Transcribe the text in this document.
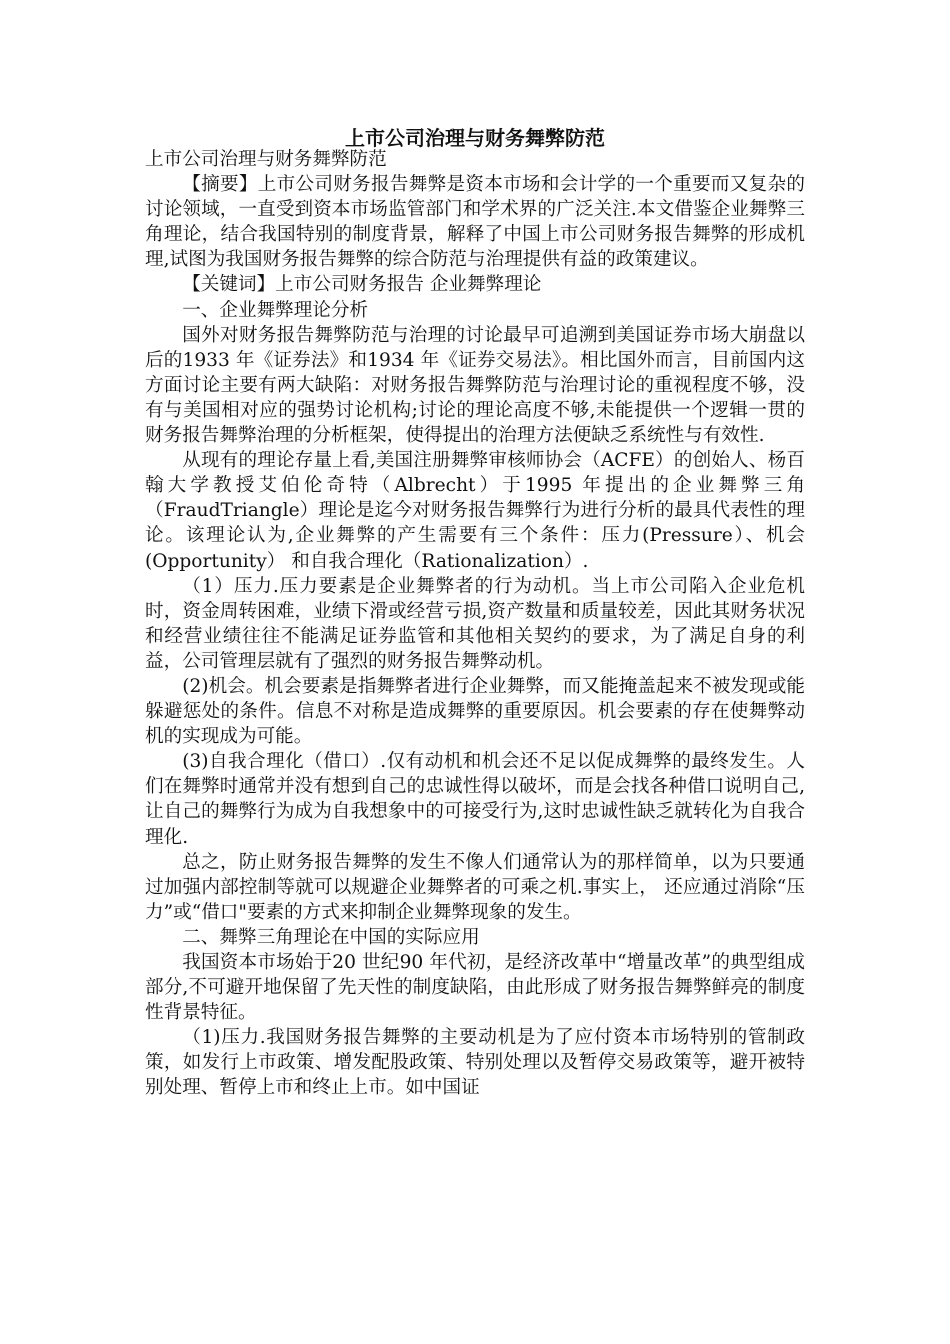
上市公司治理与财务舞弊防范

上市公司治理与财务舞弊防范

【摘要】上市公司财务报告舞弊是资本市场和会计学的一个重要而又复杂的讨论领域，一直受到资本市场监管部门和学术界的广泛关注.本文借鉴企业舞弊三角理论，结合我国特别的制度背景，解释了中国上市公司财务报告舞弊的形成机理,试图为我国财务报告舞弊的综合防范与治理提供有益的政策建议。

【关键词】上市公司财务报告 企业舞弊理论

一、企业舞弊理论分析

国外对财务报告舞弊防范与治理的讨论最早可追溯到美国证券市场大崩盘以后的1933 年《证券法》和1934 年《证券交易法》。相比国外而言，目前国内这方面讨论主要有两大缺陷：对财务报告舞弊防范与治理讨论的重视程度不够，没有与美国相对应的强势讨论机构;讨论的理论高度不够,未能提供一个逻辑一贯的财务报告舞弊治理的分析框架，使得提出的治理方法便缺乏系统性与有效性.

从现有的理论存量上看,美国注册舞弊审核师协会（ACFE）的创始人、杨百翰大学教授艾伯伦奇特（Albrecht）于1995 年提出的企业舞弊三角（FraudTriangle）理论是迄今对财务报告舞弊行为进行分析的最具代表性的理论。该理论认为,企业舞弊的产生需要有三个条件：压力(Pressure）、机会(Opportunity） 和自我合理化（Rationalization）.

（1）压力.压力要素是企业舞弊者的行为动机。当上市公司陷入企业危机时，资金周转困难，业绩下滑或经营亏损,资产数量和质量较差，因此其财务状况和经营业绩往往不能满足证券监管和其他相关契约的要求，为了满足自身的利益，公司管理层就有了强烈的财务报告舞弊动机。

(2)机会。机会要素是指舞弊者进行企业舞弊，而又能掩盖起来不被发现或能躲避惩处的条件。信息不对称是造成舞弊的重要原因。机会要素的存在使舞弊动机的实现成为可能。

(3)自我合理化（借口）.仅有动机和机会还不足以促成舞弊的最终发生。人们在舞弊时通常并没有想到自己的忠诚性得以破坏，而是会找各种借口说明自己,让自己的舞弊行为成为自我想象中的可接受行为,这时忠诚性缺乏就转化为自我合理化.

总之，防止财务报告舞弊的发生不像人们通常认为的那样简单，以为只要通过加强内部控制等就可以规避企业舞弊者的可乘之机.事实上， 还应通过消除“压力”或“借口"要素的方式来抑制企业舞弊现象的发生。

二、舞弊三角理论在中国的实际应用

我国资本市场始于20 世纪90 年代初，是经济改革中“增量改革”的典型组成部分,不可避开地保留了先天性的制度缺陷，由此形成了财务报告舞弊鲜亮的制度性背景特征。

（1)压力.我国财务报告舞弊的主要动机是为了应付资本市场特别的管制政策，如发行上市政策、增发配股政策、特别处理以及暂停交易政策等，避开被特别处理、暂停上市和终止上市。如中国证
